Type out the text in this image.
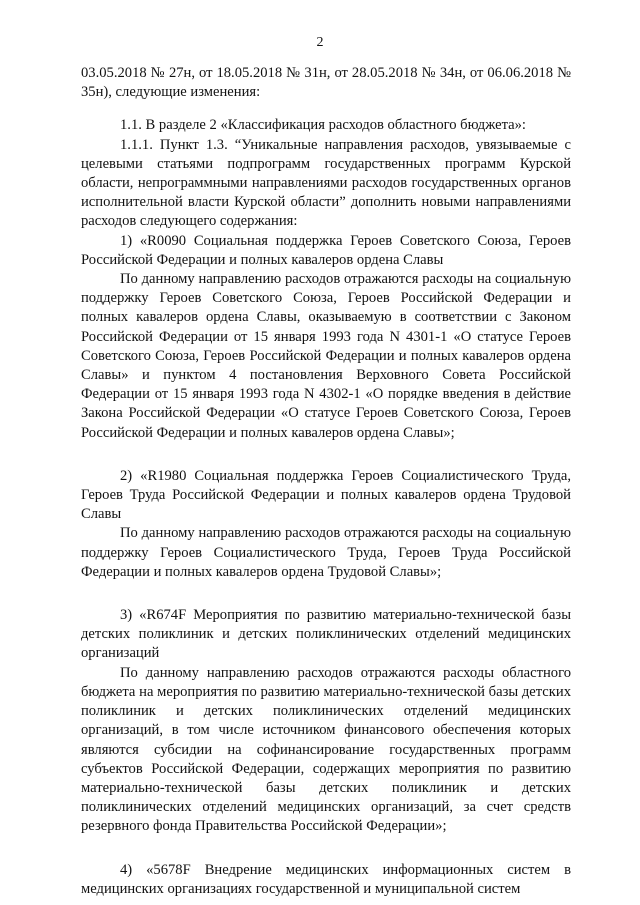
2

03.05.2018 № 27н, от 18.05.2018 № 31н, от 28.05.2018 № 34н, от 06.06.2018 № 35н), следующие изменения:

1.1. В разделе 2 «Классификация расходов областного бюджета»:

1.1.1. Пункт 1.3. “Уникальные направления расходов, увязываемые с целевыми статьями подпрограмм государственных программ Курской области, непрограммными направлениями расходов государственных органов исполнительной власти Курской области” дополнить новыми направлениями расходов следующего содержания:

1) «R0090 Социальная поддержка Героев Советского Союза, Героев Российской Федерации и полных кавалеров ордена Славы

По данному направлению расходов отражаются расходы на социальную поддержку Героев Советского Союза, Героев Российской Федерации и полных кавалеров ордена Славы, оказываемую в соответствии с Законом Российской Федерации от 15 января 1993 года N 4301-1 «О статусе Героев Советского Союза, Героев Российской Федерации и полных кавалеров ордена Славы» и пунктом 4 постановления Верховного Совета Российской Федерации от 15 января 1993 года N 4302-1 «О порядке введения в действие Закона Российской Федерации «О статусе Героев Советского Союза, Героев Российской Федерации и полных кавалеров ордена Славы»;

2) «R1980 Социальная поддержка Героев Социалистического Труда, Героев Труда Российской Федерации и полных кавалеров ордена Трудовой Славы

По данному направлению расходов отражаются расходы на социальную поддержку Героев Социалистического Труда, Героев Труда Российской Федерации и полных кавалеров ордена Трудовой Славы»;

3) «R674F Мероприятия по развитию материально-технической базы детских поликлиник и детских поликлинических отделений медицинских организаций

По данному направлению расходов отражаются расходы областного бюджета на мероприятия по развитию материально-технической базы детских поликлиник и детских поликлинических отделений медицинских организаций, в том числе источником финансового обеспечения которых являются субсидии на софинансирование государственных программ субъектов Российской Федерации, содержащих мероприятия по развитию материально-технической базы детских поликлиник и детских поликлинических отделений медицинских организаций, за счет средств резервного фонда Правительства Российской Федерации»;

4) «5678F Внедрение медицинских информационных систем в медицинских организациях государственной и муниципальной систем
